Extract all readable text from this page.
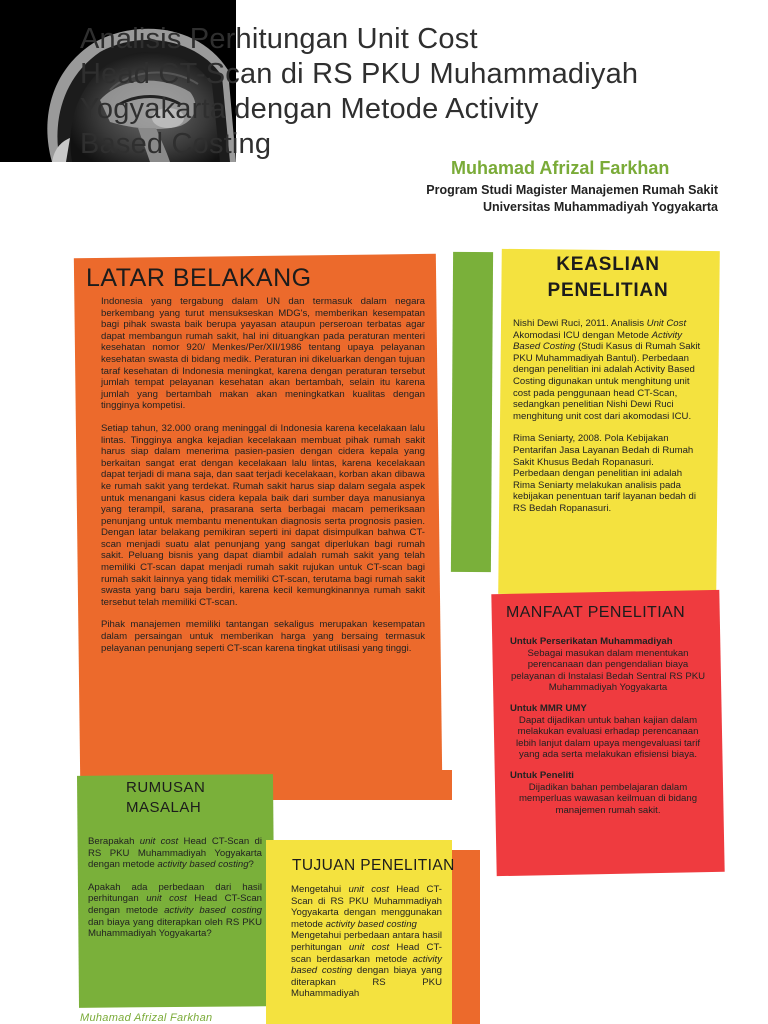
Analisis Perhitungan Unit Cost
Head CT-Scan di RS PKU Muhammadiyah
Yogyakarta dengan Metode Activity
Based Costing
Muhamad Afrizal Farkhan
Program Studi Magister Manajemen Rumah Sakit
Universitas Muhammadiyah Yogyakarta
LATAR BELAKANG

Indonesia yang tergabung dalam UN dan termasuk dalam negara berkembang yang turut mensukseskan MDG's, memberikan kesempatan bagi pihak swasta baik berupa yayasan ataupun perseroan terbatas agar dapat membangun rumah sakit, hal ini dituangkan pada peraturan menteri kesehatan nomor 920/ Menkes/Per/XII/1986 tentang upaya pelayanan kesehatan swasta di bidang medik. Peraturan ini dikeluarkan dengan tujuan taraf kesehatan di Indonesia meningkat, karena dengan peraturan tersebut jumlah tempat pelayanan kesehatan akan bertambah, selain itu karena jumlah yang bertambah makan akan meningkatkan kualitas dengan tingginya kompetisi.

Setiap tahun, 32.000 orang meninggal di Indonesia karena kecelakaan lalu lintas. Tingginya angka kejadian kecelakaan membuat pihak rumah sakit harus siap dalam menerima pasien-pasien dengan cidera kepala yang berkaitan sangat erat dengan kecelakaan lalu lintas, karena kecelakaan dapat terjadi di mana saja, dan saat terjadi kecelakaan, korban akan dibawa ke rumah sakit yang terdekat. Rumah sakit harus siap dalam segala aspek untuk menangani kasus cidera kepala baik dari sumber daya manusianya yang terampil, sarana, prasarana serta berbagai macam pemeriksaan penunjang untuk membantu menentukan diagnosis serta prognosis pasien. Dengan latar belakang pemikiran seperti ini dapat disimpulkan bahwa CT-scan menjadi suatu alat penunjang yang sangat diperlukan bagi rumah sakit. Peluang bisnis yang dapat diambil adalah rumah sakit yang telah memiliki CT-scan dapat menjadi rumah sakit rujukan untuk CT-scan bagi rumah sakit lainnya yang tidak memiliki CT-scan, terutama bagi rumah sakit swasta yang baru saja berdiri, karena kecil kemungkinannya rumah sakit tersebut telah memiliki CT-scan.

Pihak manajemen memiliki tantangan sekaligus merupakan kesempatan dalam persaingan untuk memberikan harga yang bersaing termasuk pelayanan penunjang seperti CT-scan karena tingkat utilisasi yang tinggi.

KEASLIAN
PENELITIAN

Nishi Dewi Ruci, 2011. Analisis Unit Cost Akomodasi ICU dengan Metode Activity Based Costing (Studi Kasus di Rumah Sakit PKU Muhammadiyah Bantul). Perbedaan dengan penelitian ini adalah Activity Based Costing digunakan untuk menghitung unit cost pada penggunaan head CT-Scan, sedangkan penelitian Nishi Dewi Ruci menghitung unit cost dari akomodasi ICU.

Rima Seniarty, 2008. Pola Kebijakan Pentarifan Jasa Layanan Bedah di Rumah Sakit Khusus Bedah Ropanasuri. Perbedaan dengan penelitian ini adalah Rima Seniarty melakukan analisis pada kebijakan penentuan tarif layanan bedah di RS Bedah Ropanasuri.

MANFAAT PENELITIAN
Untuk Perserikatan Muhammadiyah
Sebagai masukan dalam menentukan perencanaan dan pengendalian biaya pelayanan di Instalasi Bedah Sentral RS PKU Muhammadiyah Yogyakarta
Untuk MMR UMY
Dapat dijadikan untuk bahan kajian dalam melakukan evaluasi erhadap perencanaan lebih lanjut dalam upaya mengevaluasi tarif yang ada serta melakukan efisiensi biaya.
Untuk Peneliti
Dijadikan bahan pembelajaran dalam memperluas wawasan keilmuan di bidang manajemen rumah sakit.
RUMUSAN
MASALAH

Berapakah unit cost Head CT-Scan di RS PKU Muhammadiyah Yogyakarta dengan metode activity based costing?

Apakah ada perbedaan dari hasil perhitungan unit cost Head CT-Scan dengan metode activity based costing dan biaya yang diterapkan oleh RS PKU Muhammadiyah Yogyakarta?

TUJUAN PENELITIAN

Mengetahui unit cost Head CT-Scan di RS PKU Muhammadiyah Yogyakarta dengan menggunakan metode activity based costing

Mengetahui perbedaan antara hasil perhitungan unit cost Head CT-scan berdasarkan metode activity based costing dengan biaya yang diterapkan RS PKU Muhammadiyah

Muhamad Afrizal Farkhan
